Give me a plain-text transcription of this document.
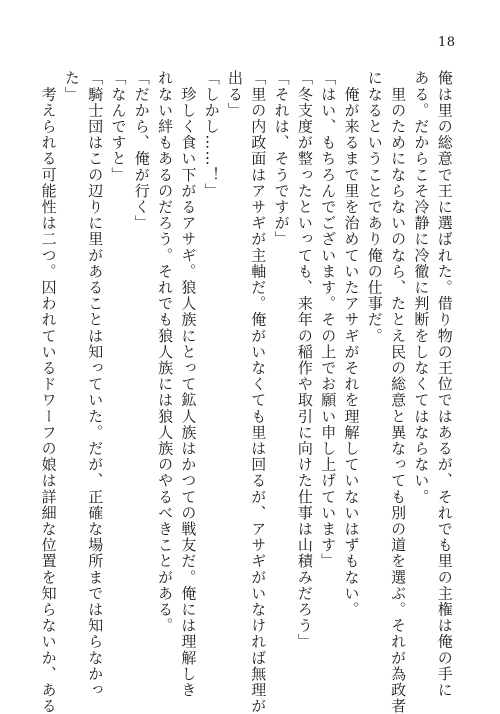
18
俺は里の総意で王に選ばれた。借り物の王位ではあるが、それでも里の主権は俺の手に
ある。だからこそ冷静に冷徹に判断をしなくてはならない。
　里のためにならないのなら、たとえ民の総意と異なっても別の道を選ぶ。それが為政者
になるということであり俺の仕事だ。
　俺が来るまで里を治めていたアサギがそれを理解していないはずもない。
「はい、もちろんでございます。その上でお願い申し上げています」
「冬支度が整ったといっても、来年の稲作や取引に向けた仕事は山積みだろう」
「それは、そうですが」
「里の内政面はアサギが主軸だ。俺がいなくても里は回るが、アサギがいなければ無理が
出る」
「しかし……！」
　珍しく食い下がるアサギ。狼人族にとって鉱人族はかつての戦友だ。俺には理解しき
れない絆もあるのだろう。それでも狼人族には狼人族のやるべきことがある。
「だから、俺が行く」
「なんですと」
「騎士団はこの辺りに里があることは知っていた。だが、正確な場所までは知らなかっ
た」
　考えられる可能性は二つ。囚われているドワーフの娘は詳細な位置を知らないか、ある
